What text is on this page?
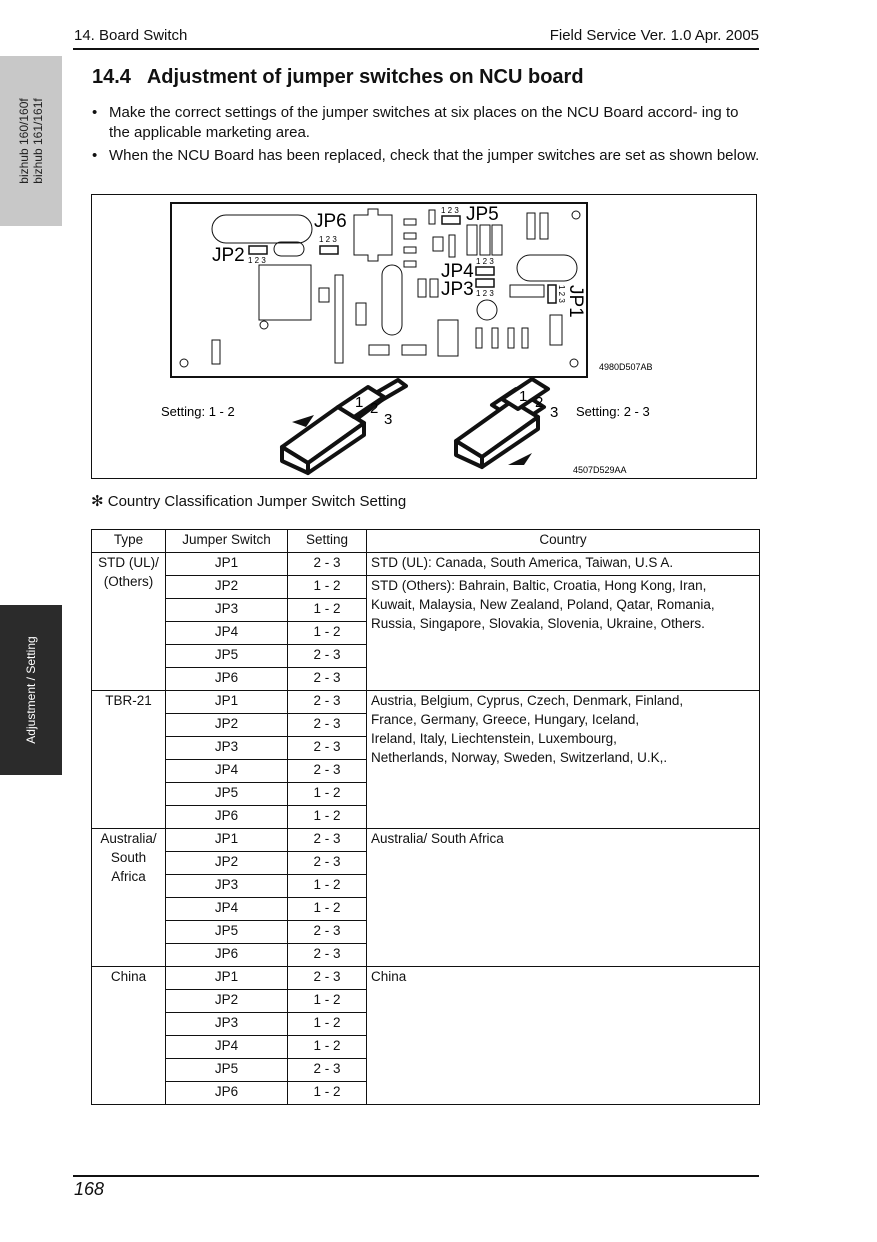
14. Board Switch	Field Service Ver. 1.0 Apr. 2005
bizhub 160/160f bizhub 161/161f
Adjustment / Setting
14.4   Adjustment of jumper switches on NCU board
• Make the correct settings of the jumper switches at six places on the NCU Board accord- ing to the applicable marketing area.
• When the NCU Board has been replaced, check that the jumper switches are set as shown below.
JP6
JP2
JP5
JP4
JP3	JP1
1 2 3
1 2 3
1 2 3
1 2 3
1 2 3	1 2 3
4980D507AB
Setting: 1 - 2	Setting: 2 - 3
1 2
3
1 2
3
4507D529AA
✻ Country Classification Jumper Switch Setting
Type	Jumper Switch	Setting	Country

STD (UL)/
(Others)	JP1	2 - 3	STD (UL): Canada, South America, Taiwan, U.S A.

	JP2	1 - 2	STD (Others): Bahrain, Baltic, Croatia, Hong Kong, Iran,
Kuwait, Malaysia, New Zealand, Poland, Qatar, Romania,
Russia, Singapore, Slovakia, Slovenia, Ukraine, Others.

	JP3	1 - 2	
	JP4	1 - 2	
	JP5	2 - 3	
	JP6	2 - 3	

TBR-21	JP1	2 - 3	Austria, Belgium, Cyprus, Czech, Denmark, Finland,
France, Germany, Greece, Hungary, Iceland,
Ireland, Italy, Liechtenstein, Luxembourg,
Netherlands, Norway, Sweden, Switzerland, U.K,.

	JP2	2 - 3	
	JP3	2 - 3	
	JP4	2 - 3	
	JP5	1 - 2	
	JP6	1 - 2	

Australia/
South
Africa	JP1	2 - 3	Australia/ South Africa

	JP2	2 - 3	
	JP3	1 - 2	
	JP4	1 - 2	
	JP5	2 - 3	
	JP6	2 - 3	

China	JP1	2 - 3	China

	JP2	1 - 2	
	JP3	1 - 2	
	JP4	1 - 2	
	JP5	2 - 3	
	JP6	1 - 2	
168
